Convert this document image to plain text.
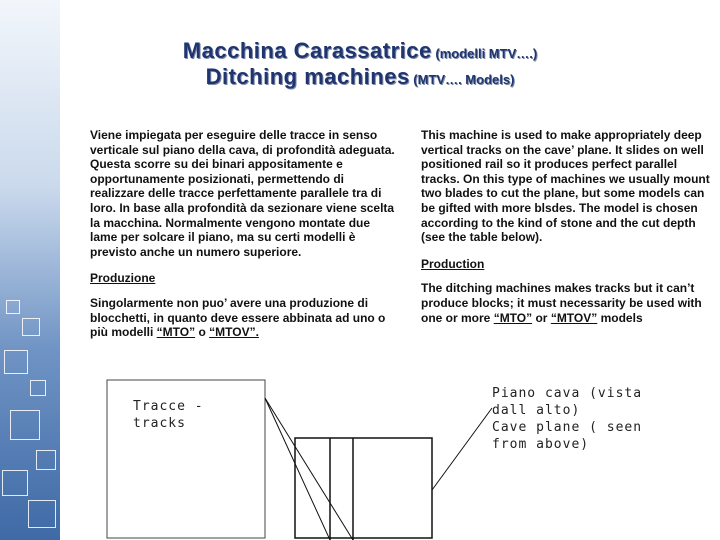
Macchina Carassatrice (modelli MTV….)
Ditching machines (MTV…. Models)

Viene impiegata per eseguire delle tracce in senso verticale sul piano della cava, di profondità adeguata. Questa scorre su dei binari appositamente e opportunamente posizionati, permettendo di realizzare delle tracce perfettamente parallele tra di loro. In base alla profondità da sezionare viene scelta la macchina. Normalmente vengono montate due lame per solcare il piano, ma su certi modelli è previsto anche un numero superiore.

Produzione

Singolarmente non puo’ avere una produzione di blocchetti, in quanto deve essere abbinata ad uno o più modelli “MTO” o “MTOV”.

This machine is used to make appropriately deep vertical tracks on the cave’ plane. It slides on well positioned rail so it produces perfect parallel tracks. On this type of machines we usually mount two blades to cut the plane, but some models can be gifted with more blsdes. The model is chosen according to the kind of stone and the cut depth (see the table below).

Production

The ditching machines makes tracks but it can’t produce blocks; it must necessarity be used with one or more “MTO” or “MTOV” models

Tracce -
tracks
Piano cava (vista
dall alto)
Cave plane ( seen
from above)
